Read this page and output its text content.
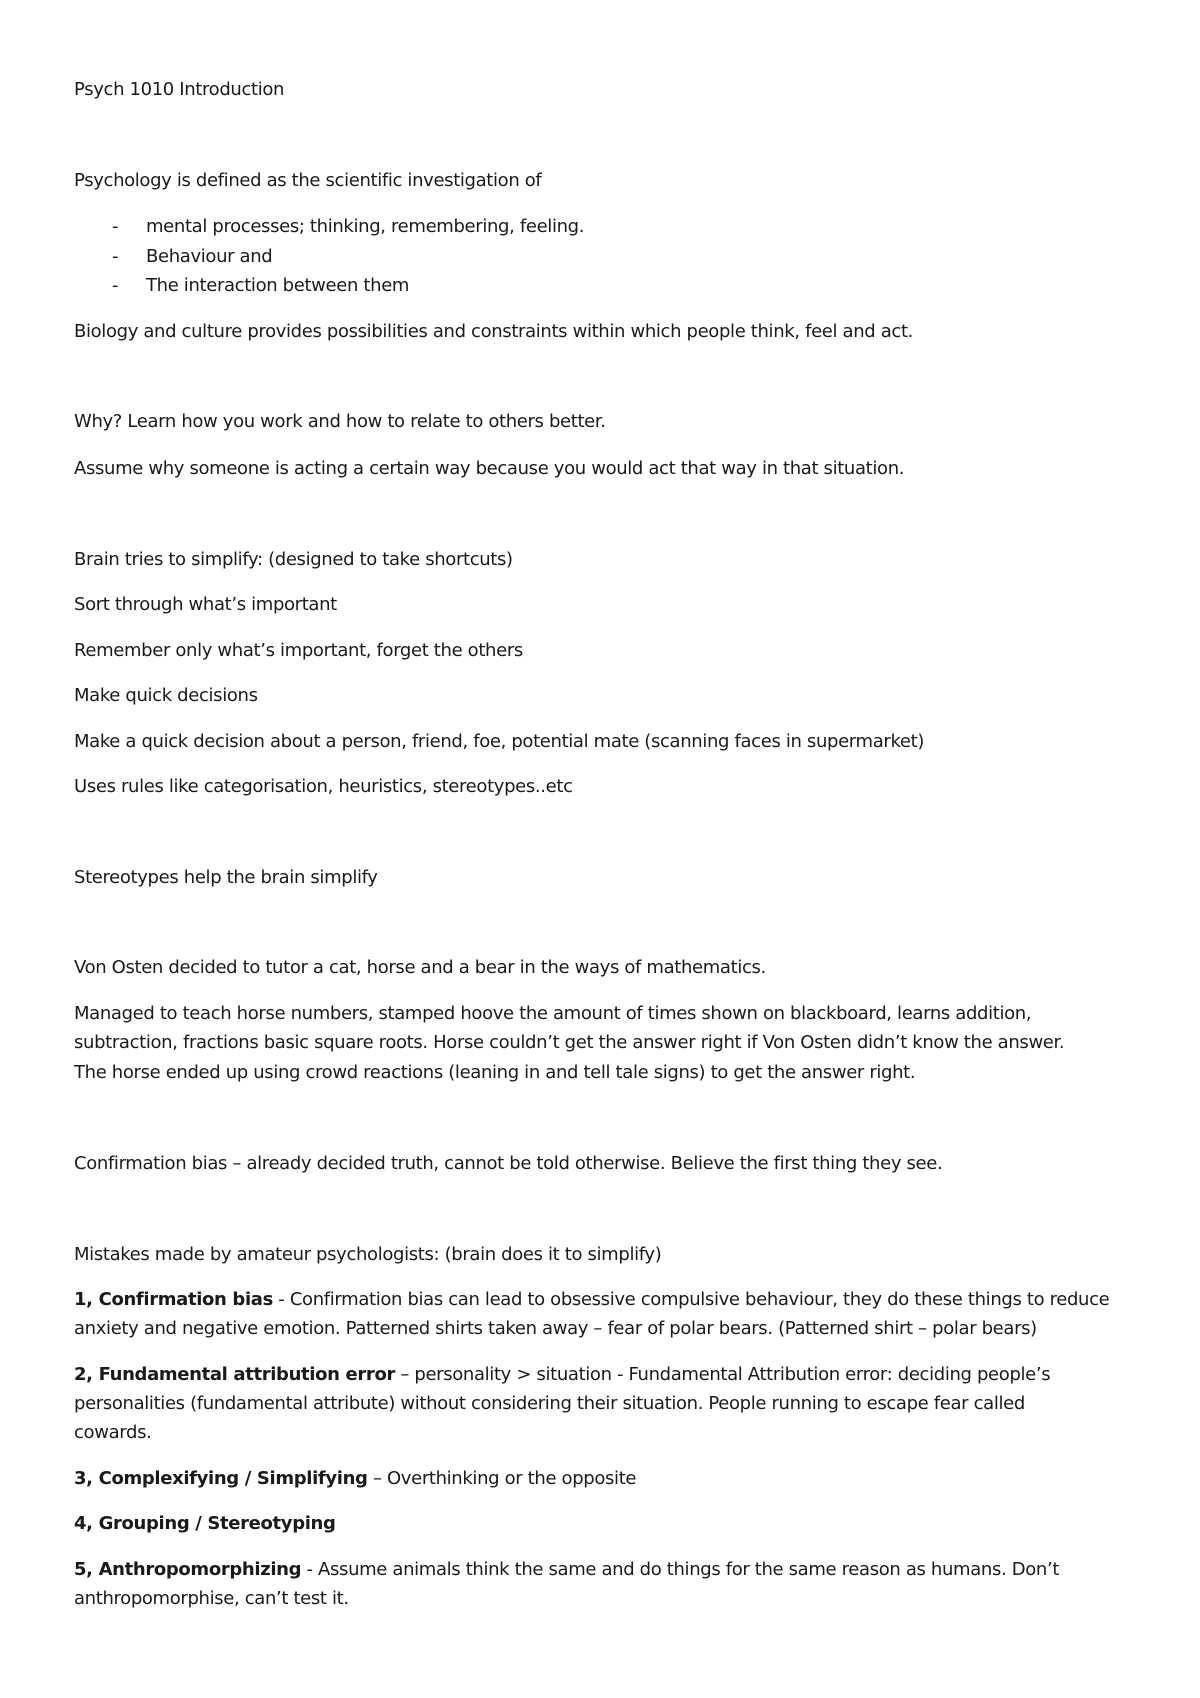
Psych 1010 Introduction

Psychology is defined as the scientific investigation of

- mental processes; thinking, remembering, feeling.

- Behaviour and

- The interaction between them

Biology and culture provides possibilities and constraints within which people think, feel and act.

Why? Learn how you work and how to relate to others better.

Assume why someone is acting a certain way because you would act that way in that situation.

Brain tries to simplify: (designed to take shortcuts)

Sort through what’s important

Remember only what’s important, forget the others

Make quick decisions

Make a quick decision about a person, friend, foe, potential mate (scanning faces in supermarket)

Uses rules like categorisation, heuristics, stereotypes..etc

Stereotypes help the brain simplify

Von Osten decided to tutor a cat, horse and a bear in the ways of mathematics.

Managed to teach horse numbers, stamped hoove the amount of times shown on blackboard, learns addition,

subtraction, fractions basic square roots. Horse couldn’t get the answer right if Von Osten didn’t know the answer.

The horse ended up using crowd reactions (leaning in and tell tale signs) to get the answer right.

Confirmation bias – already decided truth, cannot be told otherwise. Believe the first thing they see.

Mistakes made by amateur psychologists: (brain does it to simplify)

1, Confirmation bias - Confirmation bias can lead to obsessive compulsive behaviour, they do these things to reduce

anxiety and negative emotion. Patterned shirts taken away – fear of polar bears. (Patterned shirt – polar bears)

2, Fundamental attribution error – personality > situation - Fundamental Attribution error: deciding people’s

personalities (fundamental attribute) without considering their situation. People running to escape fear called

cowards.

3, Complexifying / Simplifying – Overthinking or the opposite

4, Grouping / Stereotyping

5, Anthropomorphizing - Assume animals think the same and do things for the same reason as humans. Don’t

anthropomorphise, can’t test it.
